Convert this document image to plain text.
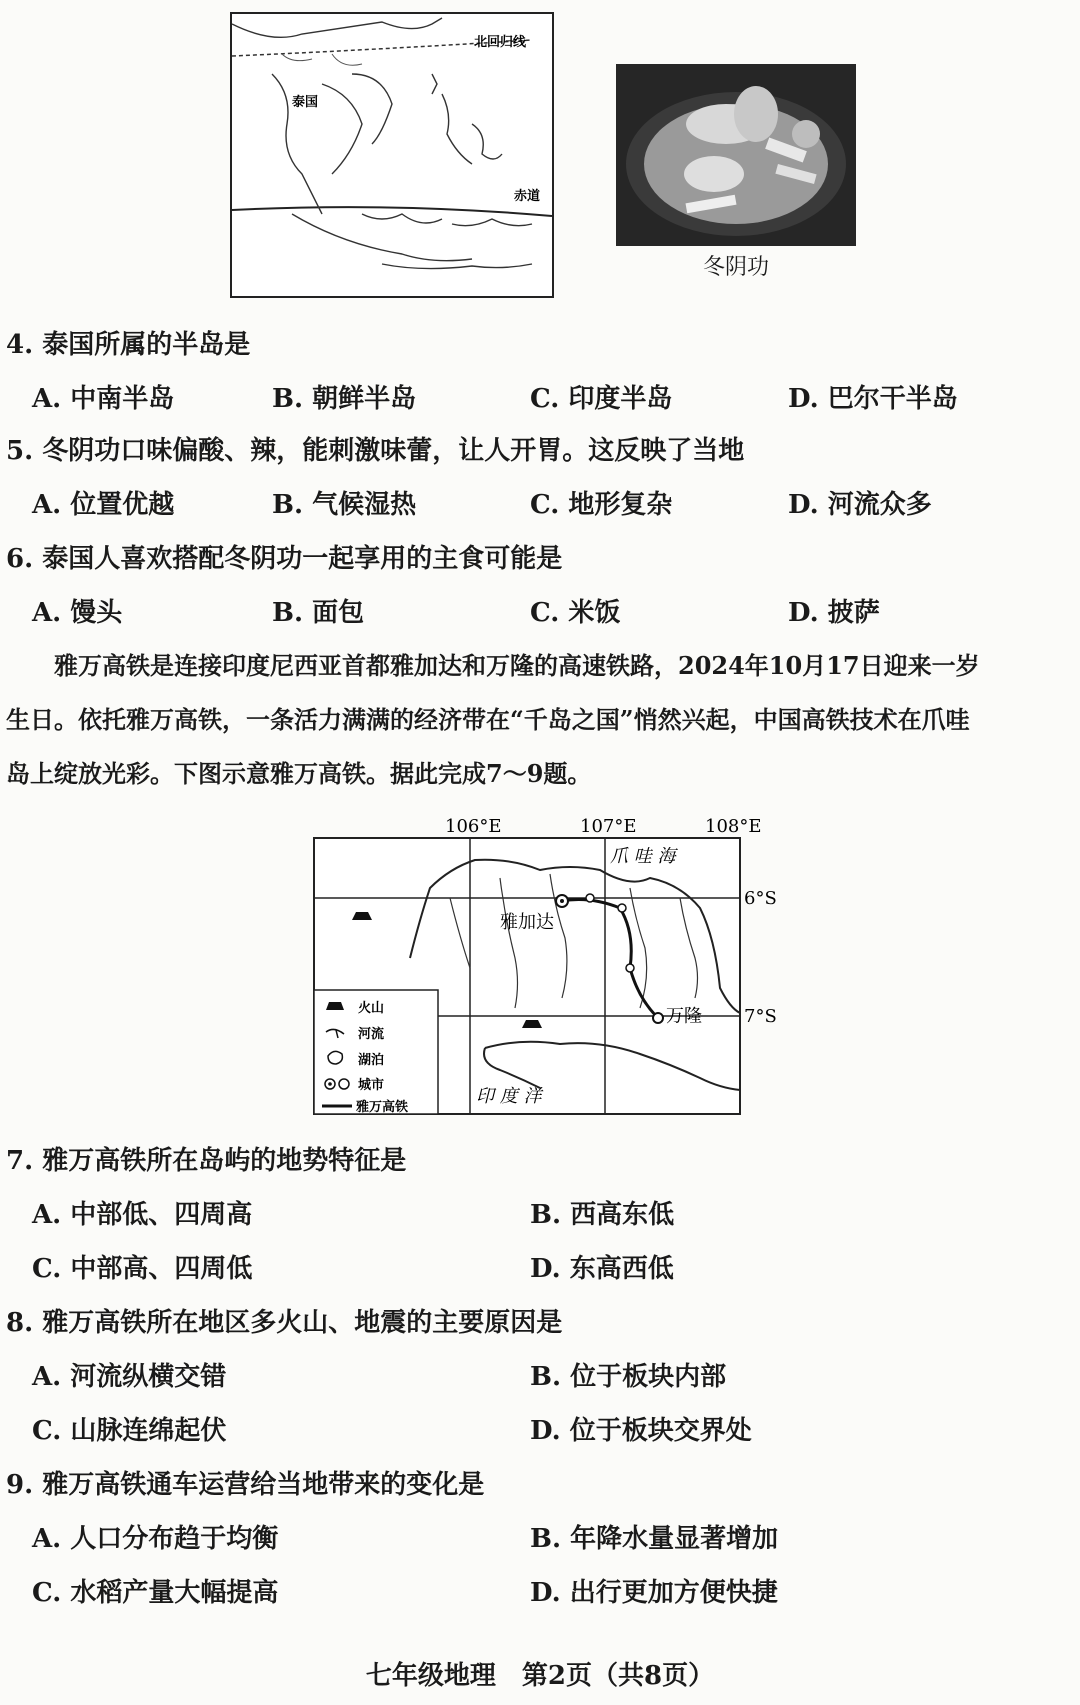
泰国
北回归线
赤道
冬阴功
4. 泰国所属的半岛是
A. 中南半岛	B. 朝鲜半岛	C. 印度半岛	D. 巴尔干半岛
5. 冬阴功口味偏酸、辣，能刺激味蕾，让人开胃。这反映了当地
A. 位置优越	B. 气候湿热	C. 地形复杂	D. 河流众多
6. 泰国人喜欢搭配冬阴功一起享用的主食可能是
A. 馒头	B. 面包	C. 米饭	D. 披萨
　　雅万高铁是连接印度尼西亚首都雅加达和万隆的高速铁路，2024年10月17日迎来一岁
生日。依托雅万高铁，一条活力满满的经济带在“千岛之国”悄然兴起，中国高铁技术在爪哇
岛上绽放光彩。下图示意雅万高铁。据此完成7～9题。
106°E	107°E	108°E
6°S
7°S
爪 哇 海
雅加达
万隆
印 度 洋
火山
河流
湖泊
城市
雅万高铁
7. 雅万高铁所在岛屿的地势特征是
A. 中部低、四周高	B. 西高东低
C. 中部高、四周低	D. 东高西低
8. 雅万高铁所在地区多火山、地震的主要原因是
A. 河流纵横交错	B. 位于板块内部
C. 山脉连绵起伏	D. 位于板块交界处
9. 雅万高铁通车运营给当地带来的变化是
A. 人口分布趋于均衡	B. 年降水量显著增加
C. 水稻产量大幅提高	D. 出行更加方便快捷
七年级地理　第2页（共8页）
